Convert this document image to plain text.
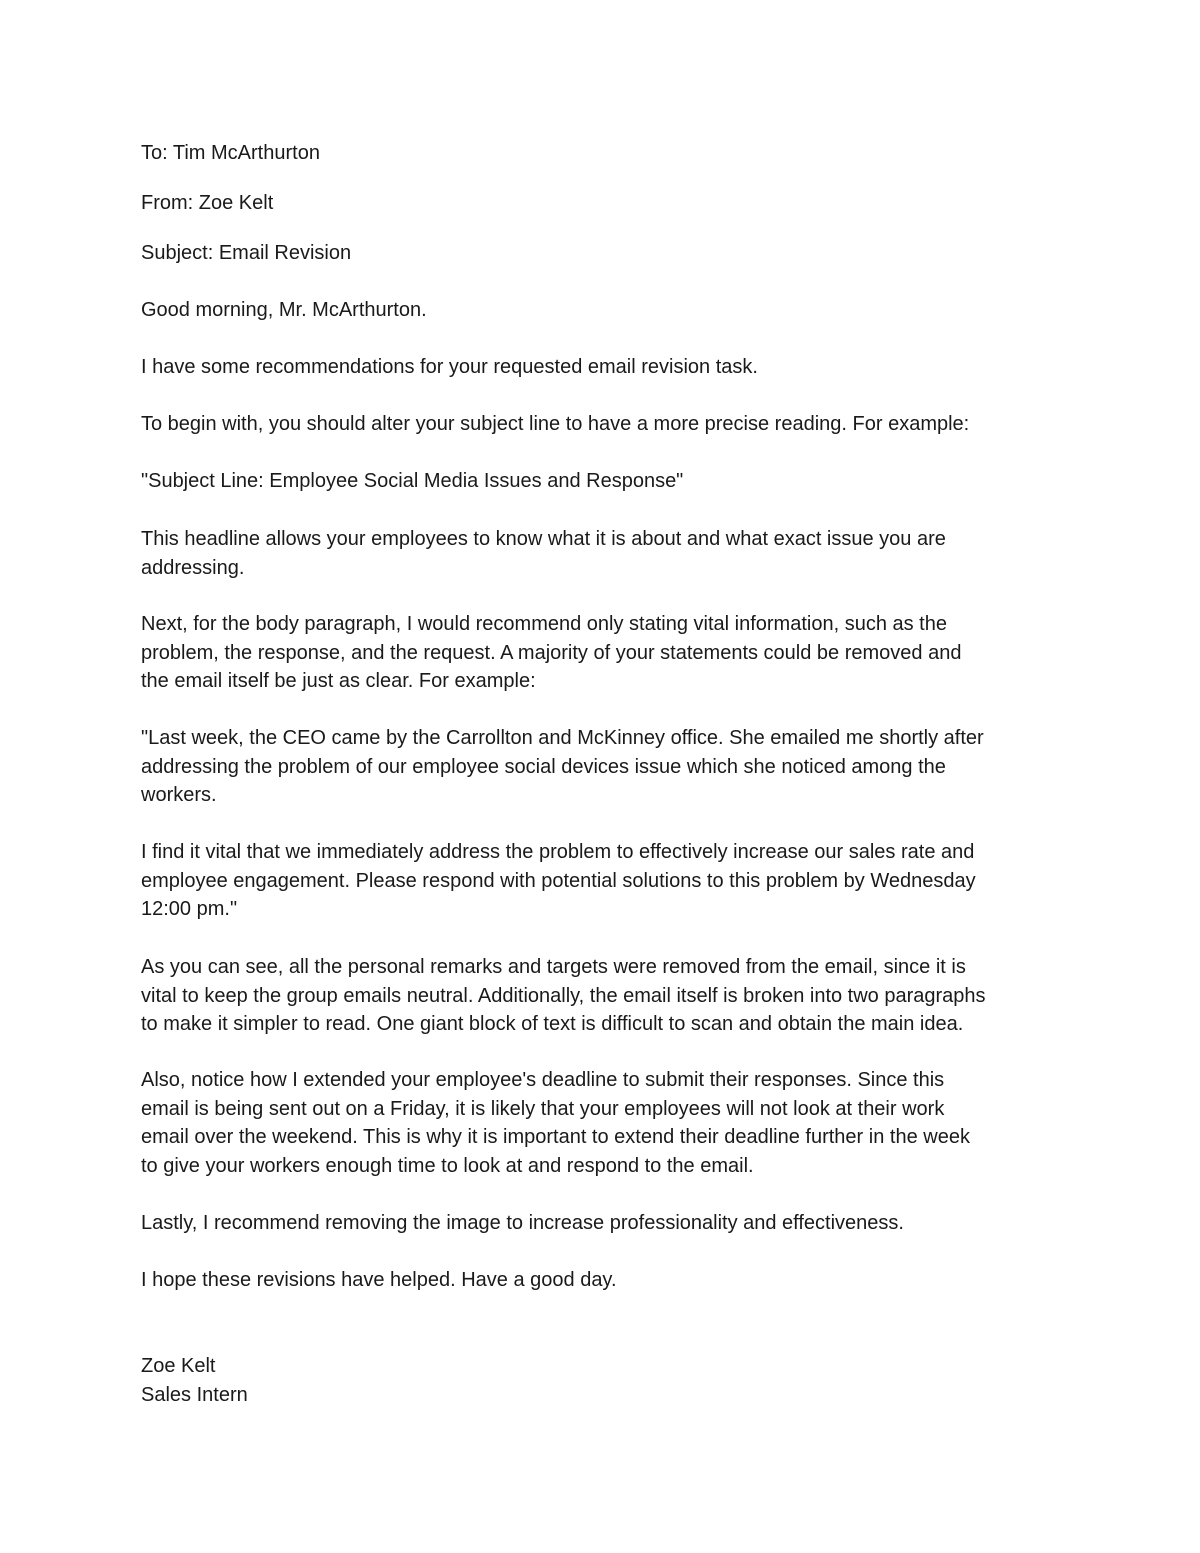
To: Tim McArthurton
From: Zoe Kelt
Subject: Email Revision
Good morning, Mr. McArthurton.
I have some recommendations for your requested email revision task.
To begin with, you should alter your subject line to have a more precise reading. For example:
"Subject Line: Employee Social Media Issues and Response"
This headline allows your employees to know what it is about and what exact issue you are
addressing.
Next, for the body paragraph, I would recommend only stating vital information, such as the
problem, the response, and the request. A majority of your statements could be removed and
the email itself be just as clear. For example:
"Last week, the CEO came by the Carrollton and McKinney office. She emailed me shortly after
addressing the problem of our employee social devices issue which she noticed among the
workers.
I find it vital that we immediately address the problem to effectively increase our sales rate and
employee engagement. Please respond with potential solutions to this problem by Wednesday
12:00 pm."
As you can see, all the personal remarks and targets were removed from the email, since it is
vital to keep the group emails neutral. Additionally, the email itself is broken into two paragraphs
to make it simpler to read. One giant block of text is difficult to scan and obtain the main idea.
Also, notice how I extended your employee's deadline to submit their responses. Since this
email is being sent out on a Friday, it is likely that your employees will not look at their work
email over the weekend. This is why it is important to extend their deadline further in the week
to give your workers enough time to look at and respond to the email.
Lastly, I recommend removing the image to increase professionality and effectiveness.
I hope these revisions have helped. Have a good day.
Zoe Kelt
Sales Intern
